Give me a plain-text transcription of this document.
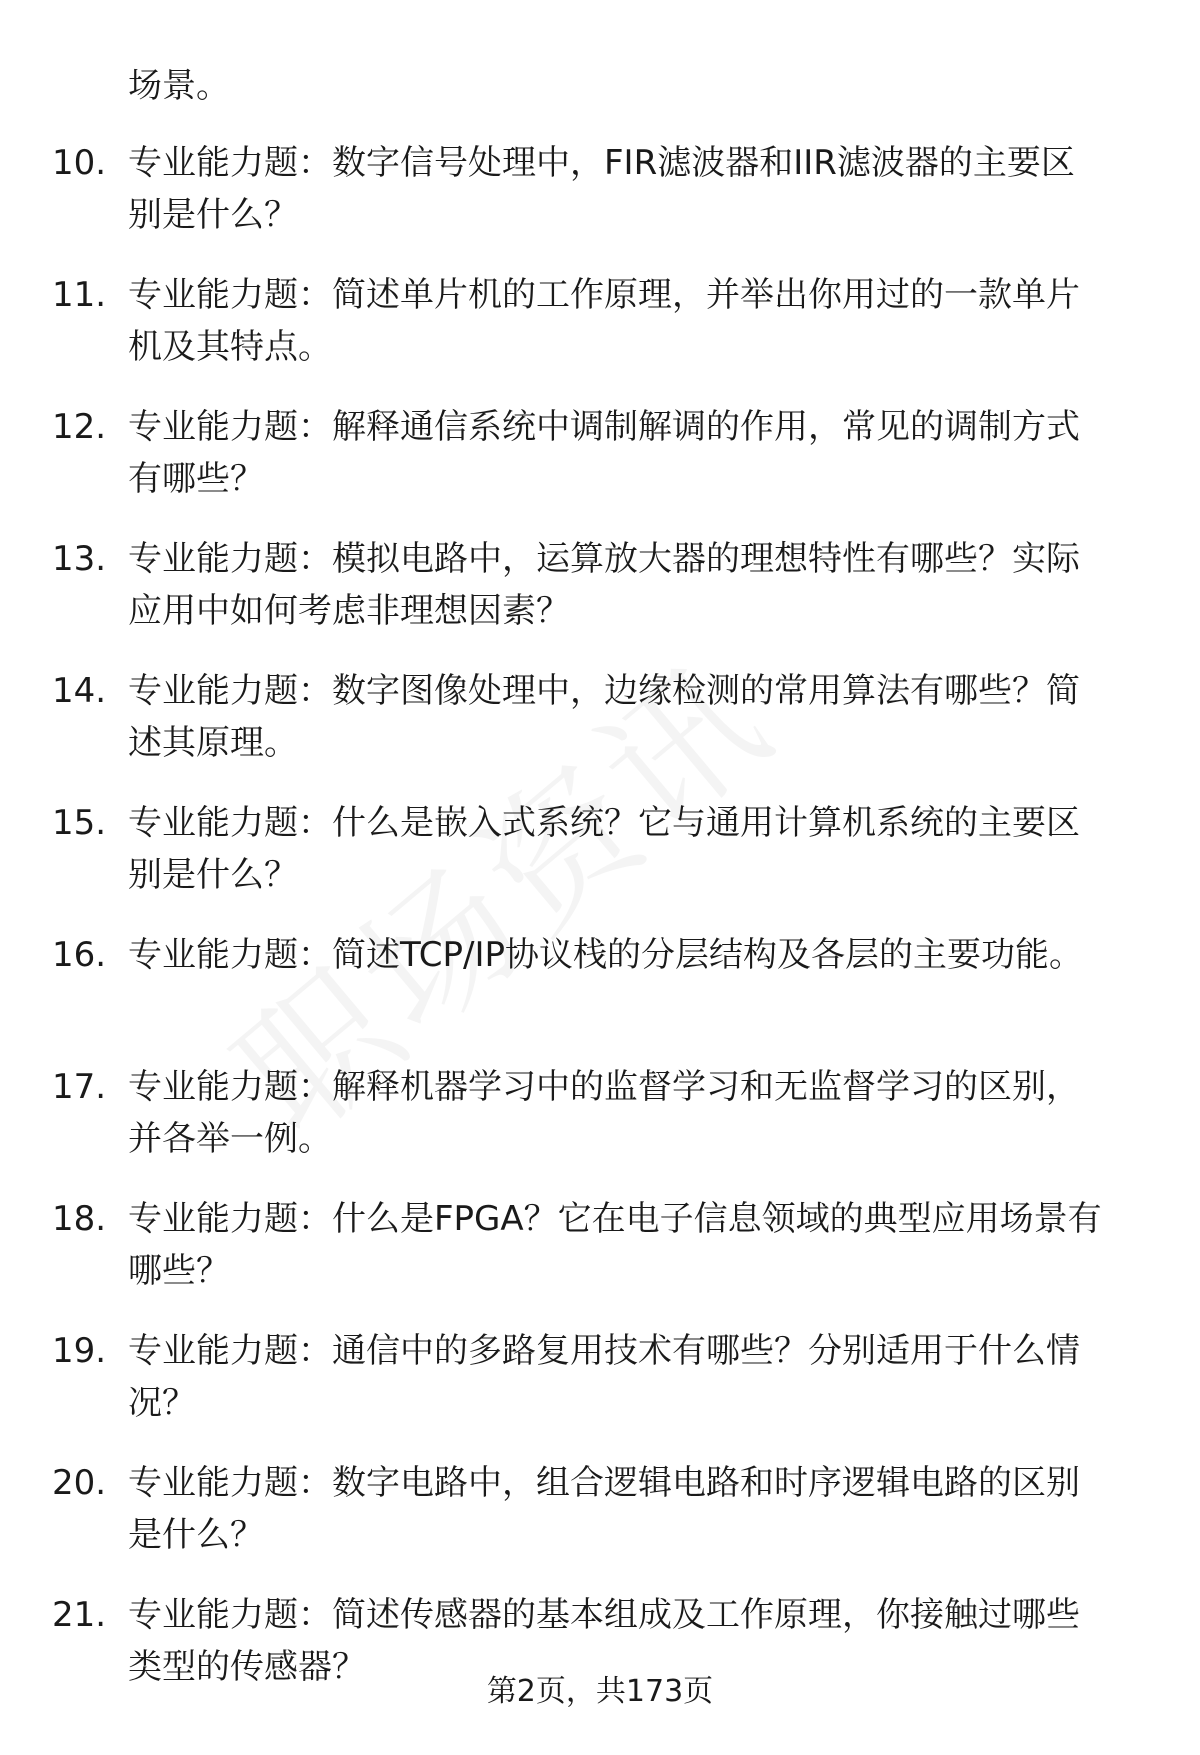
场景。
10. 专业能力题：数字信号处理中，FIR滤波器和IIR滤波器的主要区
别是什么？
11. 专业能力题：简述单片机的工作原理，并举出你用过的一款单片
机及其特点。
12. 专业能力题：解释通信系统中调制解调的作用，常见的调制方式
有哪些？
13. 专业能力题：模拟电路中，运算放大器的理想特性有哪些？实际
应用中如何考虑非理想因素？
14. 专业能力题：数字图像处理中，边缘检测的常用算法有哪些？简
述其原理。
15. 专业能力题：什么是嵌入式系统？它与通用计算机系统的主要区
别是什么？
16. 专业能力题：简述TCP/IP协议栈的分层结构及各层的主要功能。
17. 专业能力题：解释机器学习中的监督学习和无监督学习的区别，
并各举一例。
18. 专业能力题：什么是FPGA？它在电子信息领域的典型应用场景有
哪些？
19. 专业能力题：通信中的多路复用技术有哪些？分别适用于什么情
况？
20. 专业能力题：数字电路中，组合逻辑电路和时序逻辑电路的区别
是什么？
21. 专业能力题：简述传感器的基本组成及工作原理，你接触过哪些
类型的传感器？
第2页，共173页
